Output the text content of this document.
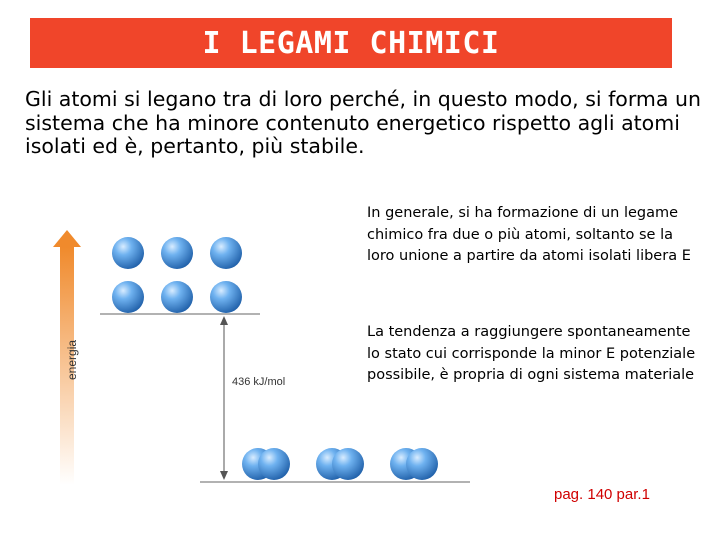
I LEGAMI CHIMICI
Gli atomi si legano tra di loro perché, in questo modo, si forma un sistema che ha minore contenuto energetico rispetto agli atomi isolati ed è, pertanto, più stabile.
In generale, si ha formazione di un legame chimico fra due o più atomi, soltanto se la loro unione a partire da atomi isolati libera E
La tendenza a raggiungere spontaneamente lo stato cui corrisponde la minor E potenziale possibile, è propria di ogni sistema materiale
energia
436 kJ/mol
pag. 140 par.1
